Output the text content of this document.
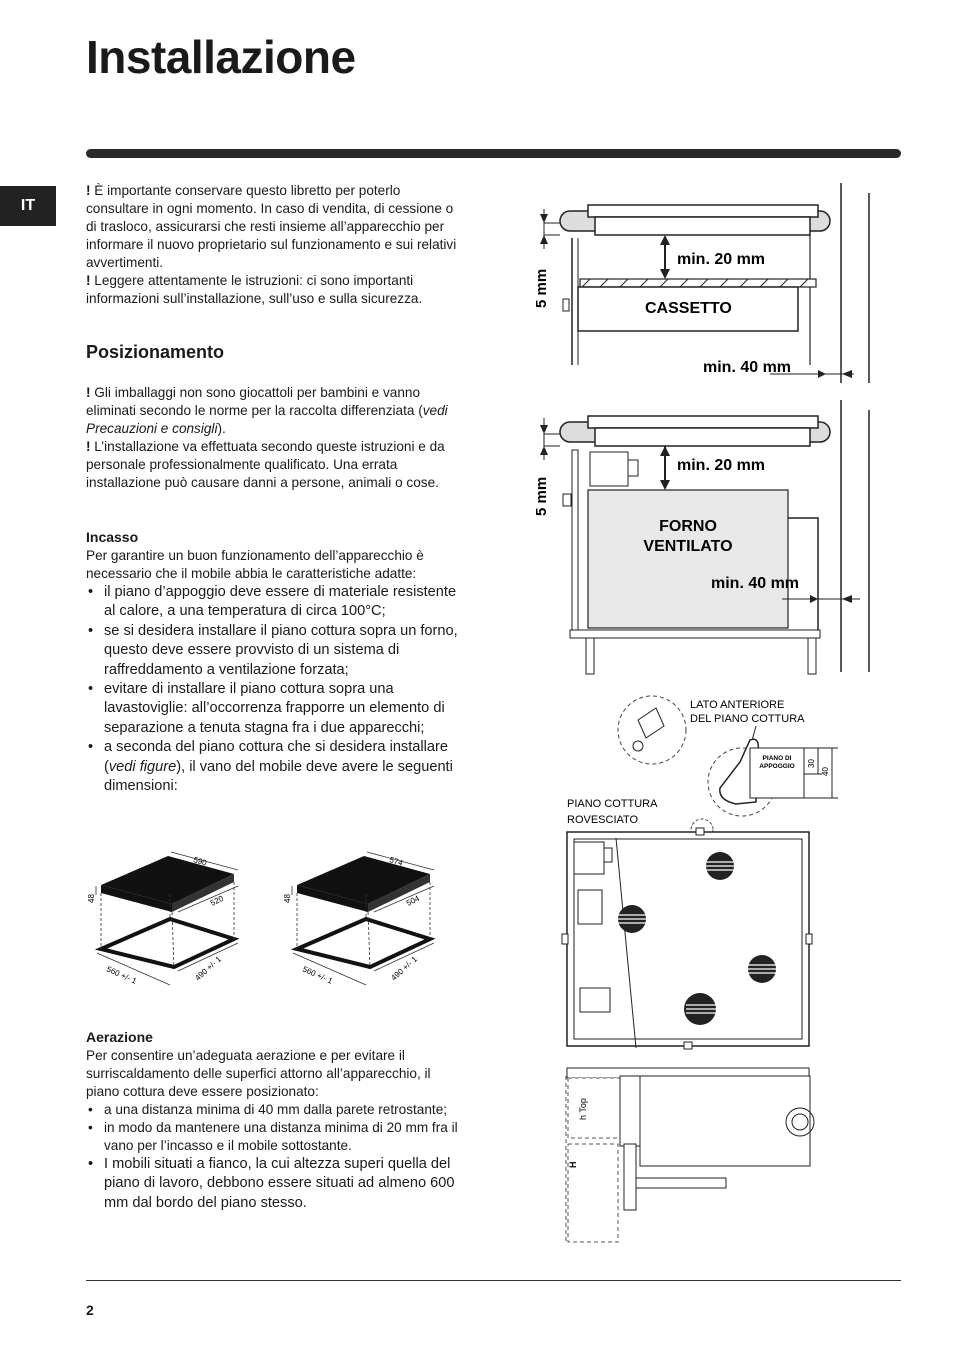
Installazione
IT

! È importante conservare questo libretto per poterlo consultare in ogni momento. In caso di vendita, di cessione o di trasloco, assicurarsi che resti insieme all’apparecchio per informare il nuovo proprietario sul funzionamento e sui relativi avvertimenti.

! Leggere attentamente le istruzioni: ci sono importanti informazioni sull’installazione, sull’uso e sulla sicurezza.

Posizionamento

! Gli imballaggi non sono giocattoli per bambini e vanno eliminati secondo le norme per la raccolta differenziata (vedi Precauzioni e consigli).

! L’installazione va effettuata secondo queste istruzioni e da personale professionalmente qualificato. Una errata installazione può causare danni a persone, animali o cose.

Incasso

Per garantire un buon funzionamento dell’apparecchio è necessario che il mobile abbia le caratteristiche adatte:

• il piano d’appoggio deve essere di materiale resistente al calore, a una temperatura di circa 100°C;
• se si desidera installare il piano cottura sopra un forno, questo deve essere provvisto di un sistema di raffreddamento a ventilazione forzata;
• evitare di installare il piano cottura sopra una lavastoviglie: all’occorrenza frapporre un elemento di separazione a tenuta stagna fra i due apparecchi;
• a seconda del piano cottura che si desidera installare (vedi figure), il vano del mobile deve avere le seguenti dimensioni:
590
520
48
560 +/- 1	490 +/- 1
574
504
48
560 +/- 1	490 +/- 1
Aerazione

Per consentire un’adeguata aerazione e per evitare il surriscaldamento delle superfici attorno all’apparecchio, il piano cottura deve essere posizionato:

• a una distanza minima di 40 mm dalla parete retrostante;
• in modo da mantenere una distanza minima di 20 mm fra il vano per l’incasso e il mobile sottostante.
• I mobili situati a fianco, la cui altezza superi quella del piano di lavoro, debbono essere situati ad almeno 600 mm dal bordo del piano stesso.
min. 20 mm
CASSETTO
min. 40 mm
5 mm
min. 20 mm
FORNO
VENTILATO
min. 40 mm
5 mm
LATO ANTERIORE
DEL PIANO COTTURA
PIANO DI
APPOGGIO 30
40
PIANO COTTURA
ROVESCIATO
h Top
H
2
